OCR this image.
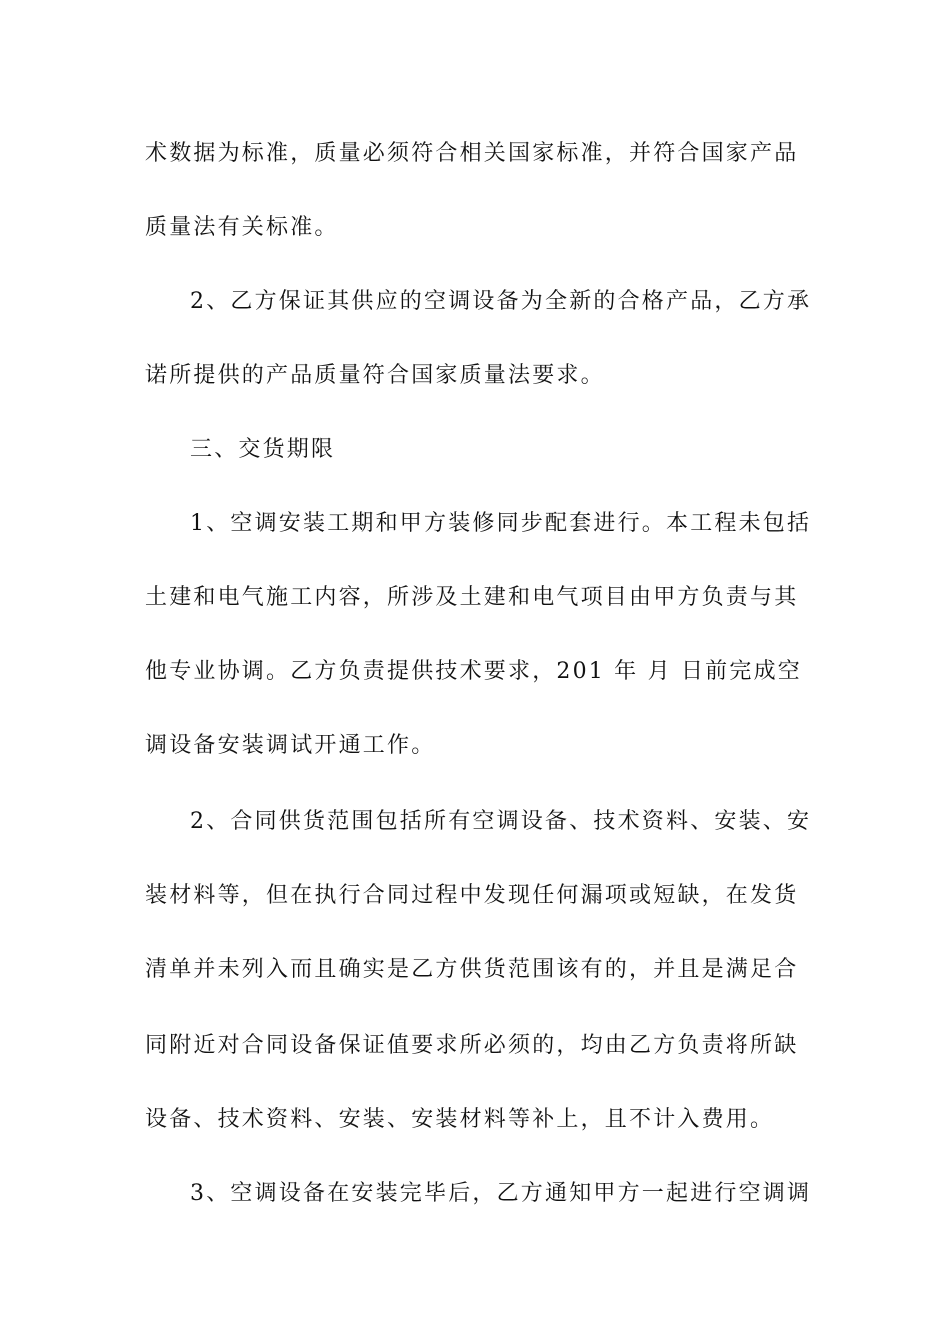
术数据为标准，质量必须符合相关国家标准，并符合国家产品
质量法有关标准。
2、乙方保证其供应的空调设备为全新的合格产品，乙方承
诺所提供的产品质量符合国家质量法要求。
三、交货期限
1、空调安装工期和甲方装修同步配套进行。本工程未包括
土建和电气施工内容，所涉及土建和电气项目由甲方负责与其
他专业协调。乙方负责提供技术要求，201 年 月 日前完成空
调设备安装调试开通工作。
2、合同供货范围包括所有空调设备、技术资料、安装、安
装材料等，但在执行合同过程中发现任何漏项或短缺，在发货
清单并未列入而且确实是乙方供货范围该有的，并且是满足合
同附近对合同设备保证值要求所必须的，均由乙方负责将所缺
设备、技术资料、安装、安装材料等补上，且不计入费用。
3、空调设备在安装完毕后，乙方通知甲方一起进行空调调
